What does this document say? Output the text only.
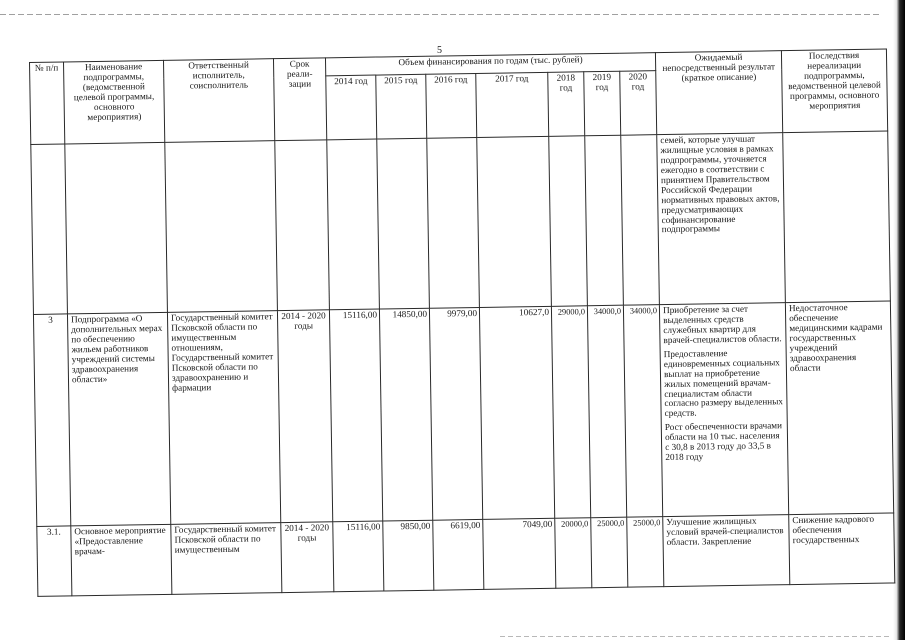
5
№ п/п	Наименование подпрограммы, (ведомственной целевой программы, основного мероприятия)	Ответственный исполнитель, соисполнитель	Срок реали-зации	Объем финансирования по годам (тыс. рублей)							Ожидаемый непосредственный результат (краткое описание)	Последствия нереализации подпрограммы, ведомственной целевой программы, основного мероприятия
				2014 год	2015 год	2016 год	2017 год	2018 год	2019 год	2020 год		
											семей, которые улучшат жилищные условия в рамках подпрограммы, уточняется ежегодно в соответствии с принятием Правительством Российской Федерации нормативных правовых актов, предусматривающих софинансирование подпрограммы	
3	Подпрограмма «О дополнительных мерах по обеспечению жильем работников учреждений системы здравоохранения области»	Государственный комитет Псковской области по имущественным отношениям, Государственный комитет Псковской области по здравоохранению и фармации	2014 - 2020 годы	15116,00	14850,00	9979,00	10627,0	29000,0	34000,0	34000,0	Приобретение за счет выделенных средств служебных квартир для врачей-специалистов области.

Предоставление единовременных социальных выплат на приобретение жилых помещений врачам-специалистам области согласно размеру выделенных средств.

Рост обеспеченности врачами области на 10 тыс. населения с 30,8 в 2013 году до 33,5 в 2018 году	Недостаточное обеспечение медицинскими кадрами государственных учреждений здравоохранения области
3.1.	Основное мероприятие «Предоставление врачам-	Государственный комитет Псковской области по имущественным	2014 - 2020 годы	15116,00	9850,00	6619,00	7049,00	20000,0	25000,0	25000,0	Улучшение жилищных условий врачей-специалистов области. Закрепление	Снижение кадрового обеспечения государственных
